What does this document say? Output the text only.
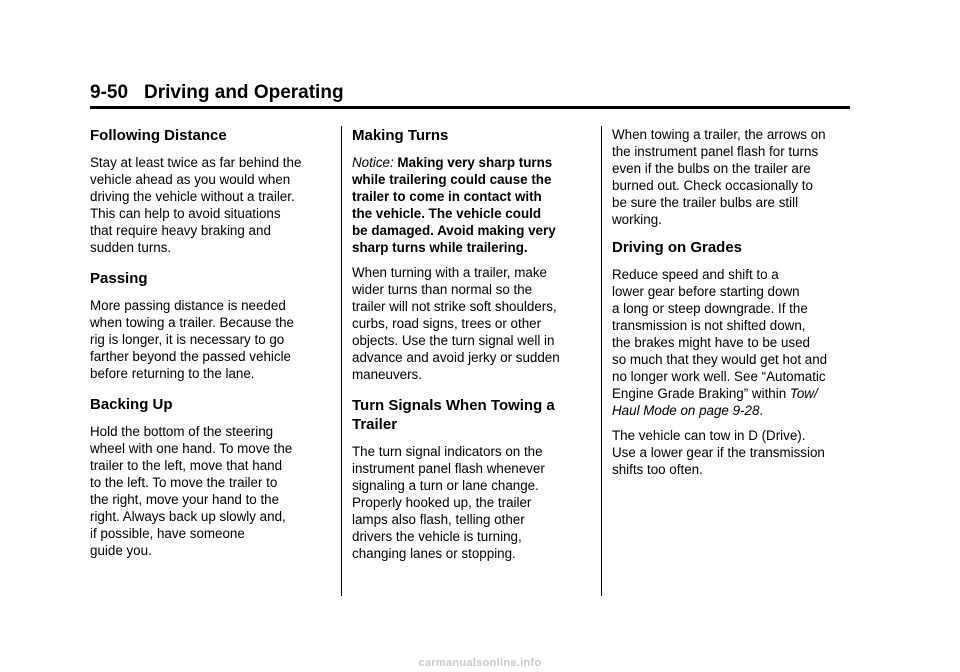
9-50 Driving and Operating
Following Distance

Stay at least twice as far behind the
vehicle ahead as you would when
driving the vehicle without a trailer.
This can help to avoid situations
that require heavy braking and
sudden turns.

Passing

More passing distance is needed
when towing a trailer. Because the
rig is longer, it is necessary to go
farther beyond the passed vehicle
before returning to the lane.

Backing Up

Hold the bottom of the steering
wheel with one hand. To move the
trailer to the left, move that hand
to the left. To move the trailer to
the right, move your hand to the
right. Always back up slowly and,
if possible, have someone
guide you.

Making Turns

Notice: Making very sharp turns
while trailering could cause the
trailer to come in contact with
the vehicle. The vehicle could
be damaged. Avoid making very
sharp turns while trailering.

When turning with a trailer, make
wider turns than normal so the
trailer will not strike soft shoulders,
curbs, road signs, trees or other
objects. Use the turn signal well in
advance and avoid jerky or sudden
maneuvers.

Turn Signals When Towing a
Trailer

The turn signal indicators on the
instrument panel flash whenever
signaling a turn or lane change.
Properly hooked up, the trailer
lamps also flash, telling other
drivers the vehicle is turning,
changing lanes or stopping.

When towing a trailer, the arrows on
the instrument panel flash for turns
even if the bulbs on the trailer are
burned out. Check occasionally to
be sure the trailer bulbs are still
working.

Driving on Grades

Reduce speed and shift to a
lower gear before starting down
a long or steep downgrade. If the
transmission is not shifted down,
the brakes might have to be used
so much that they would get hot and
no longer work well. See “Automatic
Engine Grade Braking” within Tow/
Haul Mode on page 9-28.

The vehicle can tow in D (Drive).
Use a lower gear if the transmission
shifts too often.

carmanualsonline.info
